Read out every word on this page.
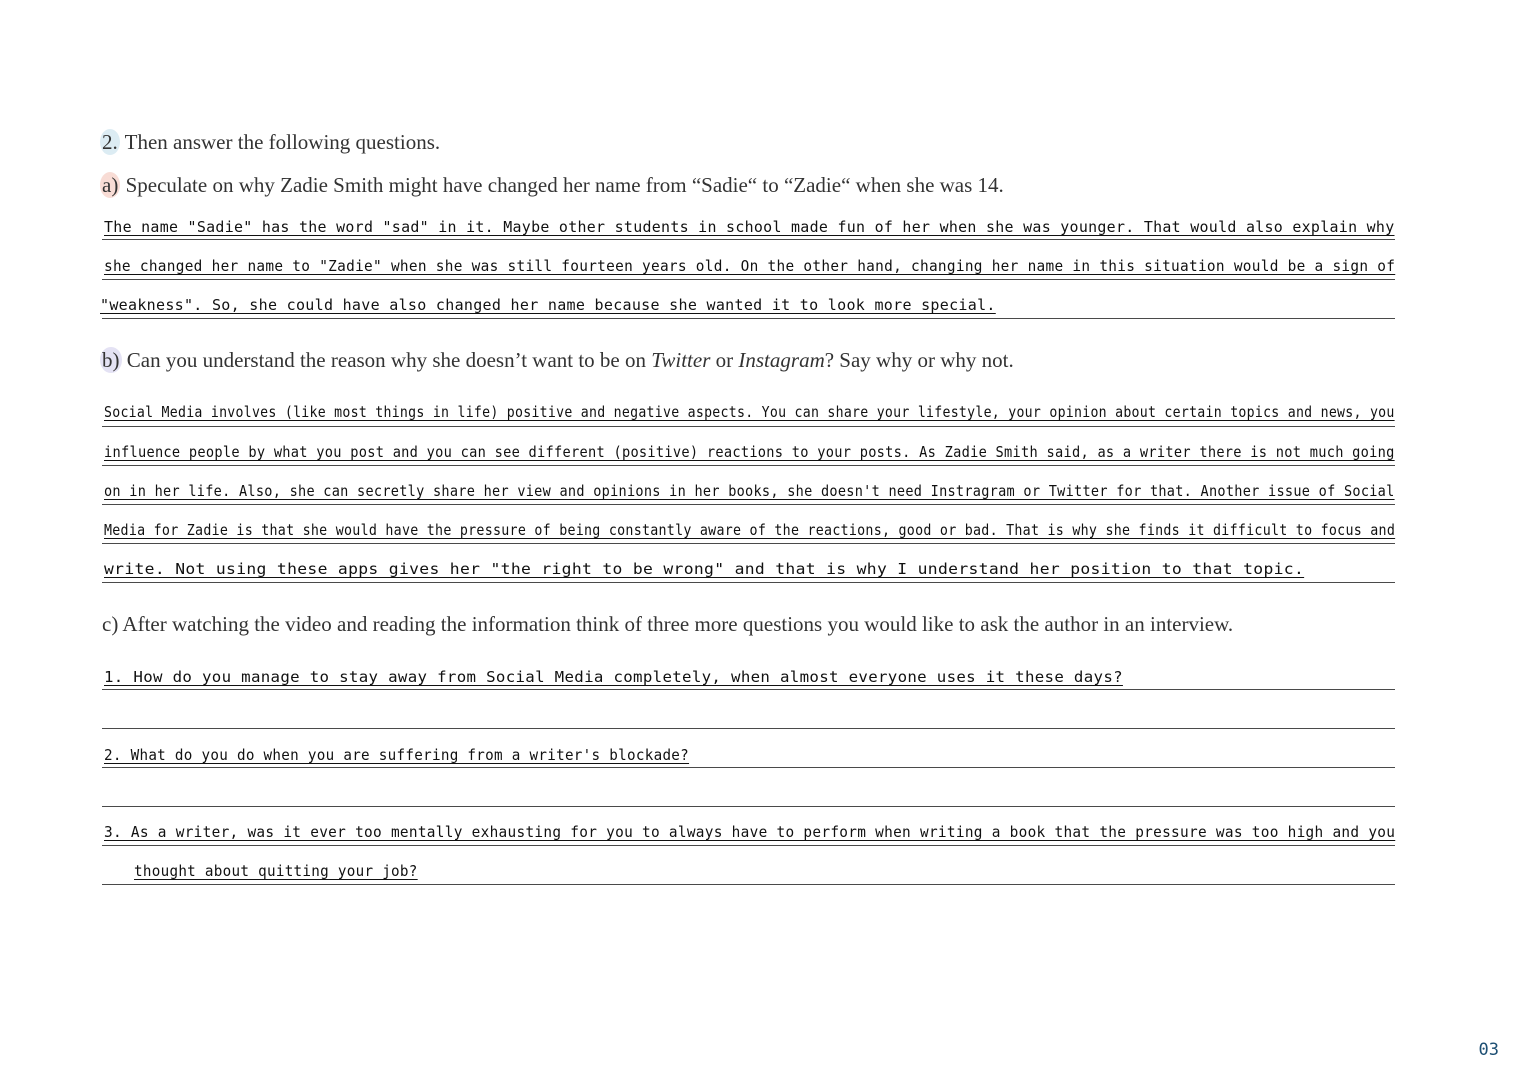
2. Then answer the following questions.
a) Speculate on why Zadie Smith might have changed her name from “Sadie“ to “Zadie“ when she was 14.
The name "Sadie" has the word "sad" in it. Maybe other students in school made fun of her when she was younger. That would also explain why
she changed her name to "Zadie" when she was still fourteen years old. On the other hand, changing her name in this situation would be a sign of
"weakness". So, she could have also changed her name because she wanted it to look more special.
b) Can you understand the reason why she doesn’t want to be on Twitter or Instagram? Say why or why not.
Social Media involves (like most things in life) positive and negative aspects. You can share your lifestyle, your opinion about certain topics and news, you
influence people by what you post and you can see different (positive) reactions to your posts. As Zadie Smith said, as a writer there is not much going
on in her life. Also, she can secretly share her view and opinions in her books, she doesn't need Instragram or Twitter for that. Another issue of Social
Media for Zadie is that she would have the pressure of being constantly aware of the reactions, good or bad. That is why she finds it difficult to focus and
write. Not using these apps gives her "the right to be wrong" and that is why I understand her position to that topic.
c) After watching the video and reading the information think of three more questions you would like to ask the author in an interview.
1. How do you manage to stay away from Social Media completely, when almost everyone uses it these days?
2. What do you do when you are suffering from a writer's blockade?
3. As a writer, was it ever too mentally exhausting for you to always have to perform when writing a book that the pressure was too high and you
thought about quitting your job?
03
